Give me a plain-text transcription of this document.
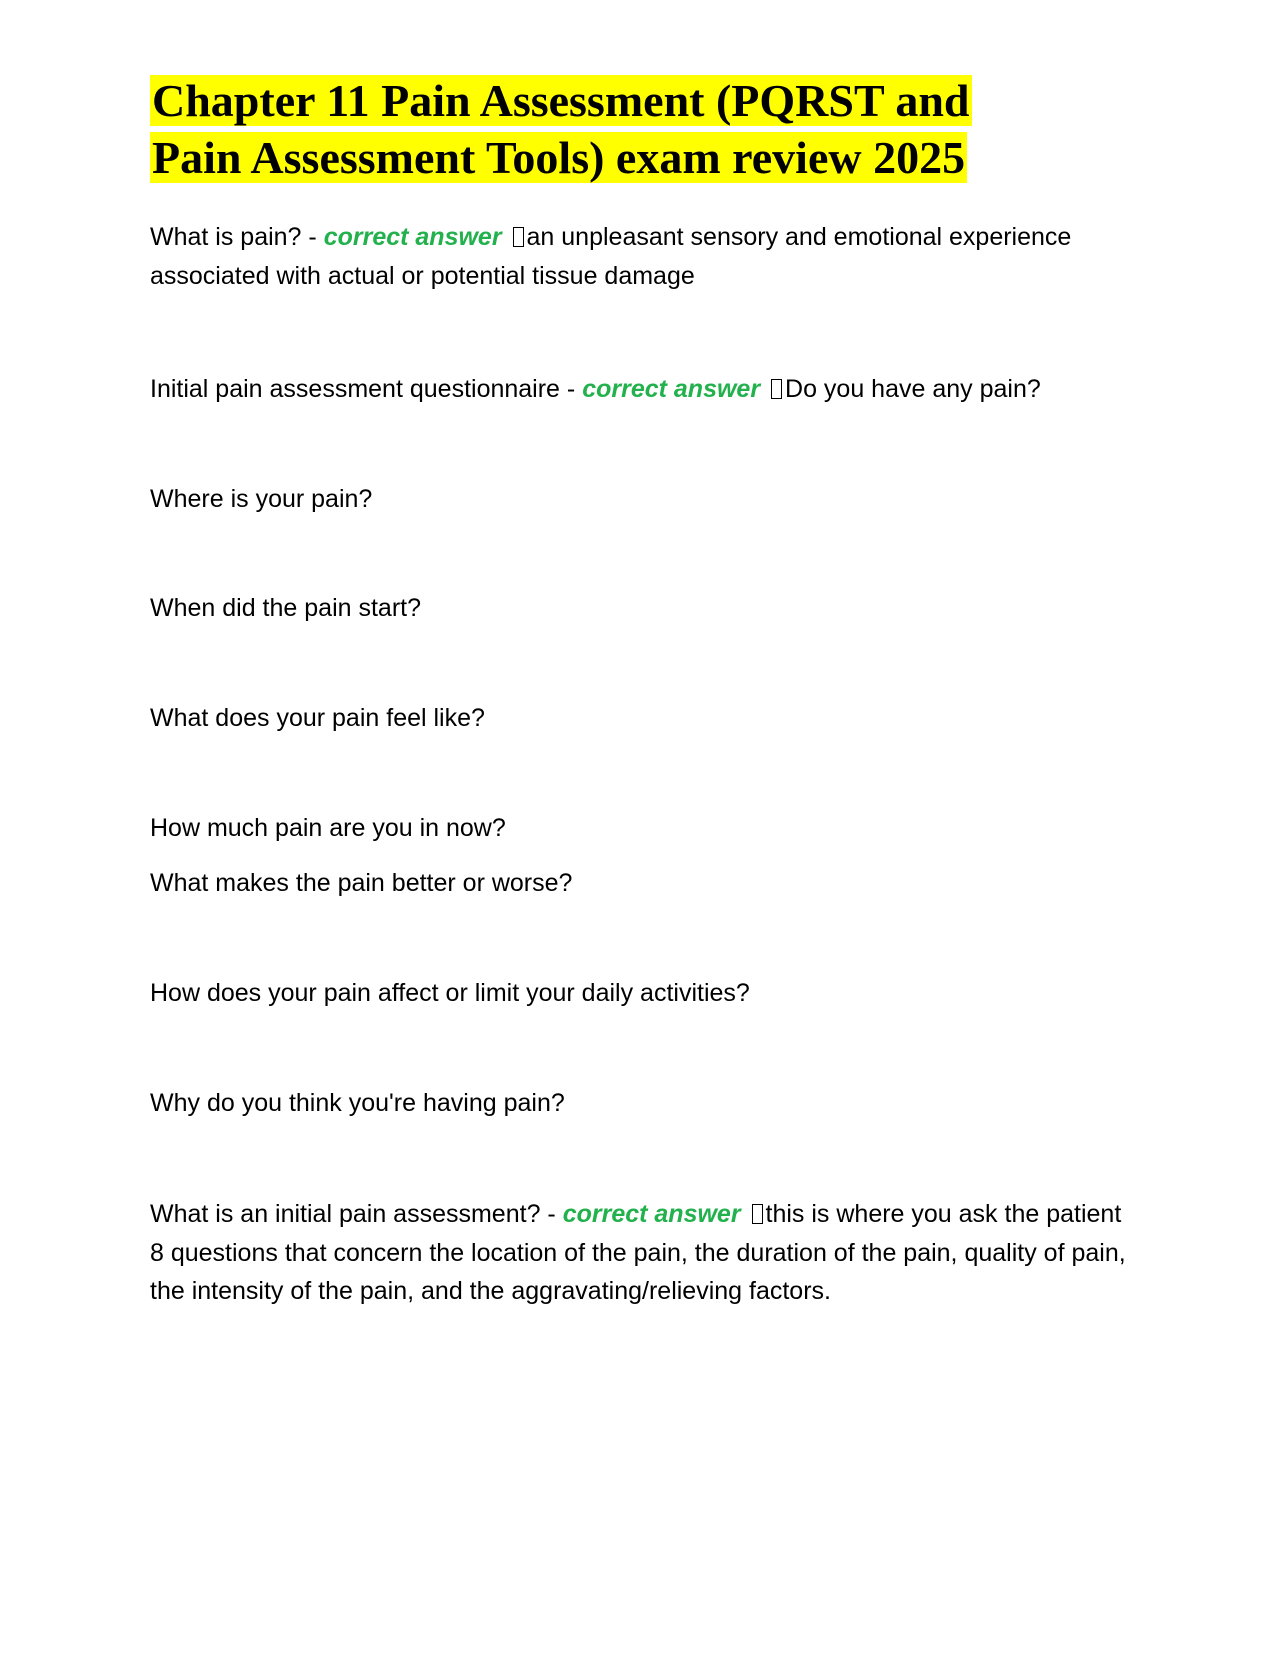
Chapter 11 Pain Assessment (PQRST and
Pain Assessment Tools) exam review 2025

What is pain? - correct answer an unpleasant sensory and emotional experience associated with actual or potential tissue damage

Initial pain assessment questionnaire - correct answer Do you have any pain?

Where is your pain?

When did the pain start?

What does your pain feel like?

How much pain are you in now?

What makes the pain better or worse?

How does your pain affect or limit your daily activities?

Why do you think you're having pain?

What is an initial pain assessment? - correct answer this is where you ask the patient 8 questions that concern the location of the pain, the duration of the pain, quality of pain, the intensity of the pain, and the aggravating/relieving factors.
